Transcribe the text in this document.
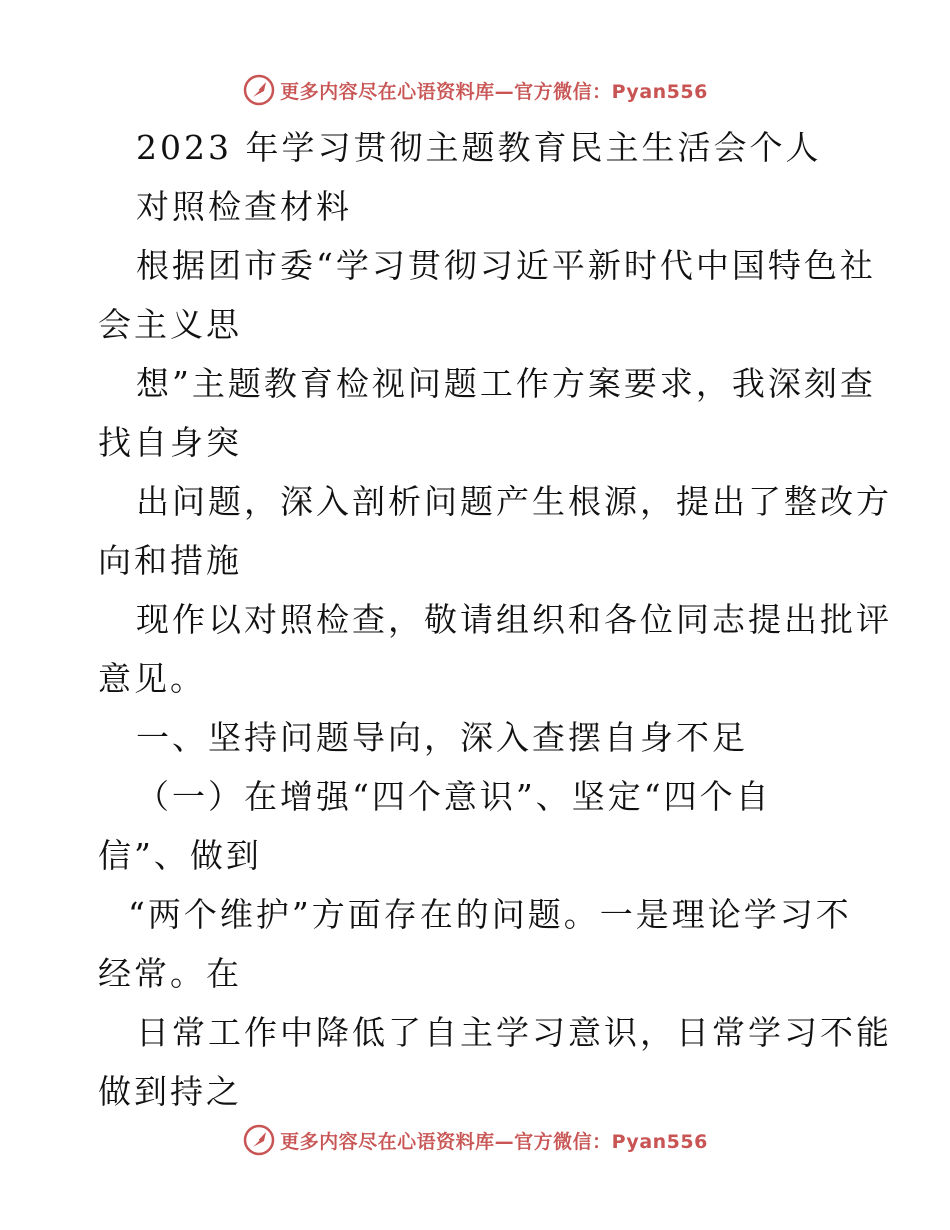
更多内容尽在心语资料库—官方微信：Pyan556
2023 年学习贯彻主题教育民主生活会个人
对照检查材料
根据团市委“学习贯彻习近平新时代中国特色社
会主义思
想”主题教育检视问题工作方案要求，我深刻查
找自身突
出问题，深入剖析问题产生根源，提出了整改方
向和措施
现作以对照检查，敬请组织和各位同志提出批评
意见。
一、坚持问题导向，深入查摆自身不足
（一）在增强“四个意识”、坚定“四个自
信”、做到
“两个维护”方面存在的问题。一是理论学习不
经常。在
日常工作中降低了自主学习意识，日常学习不能
做到持之
更多内容尽在心语资料库—官方微信：Pyan556
